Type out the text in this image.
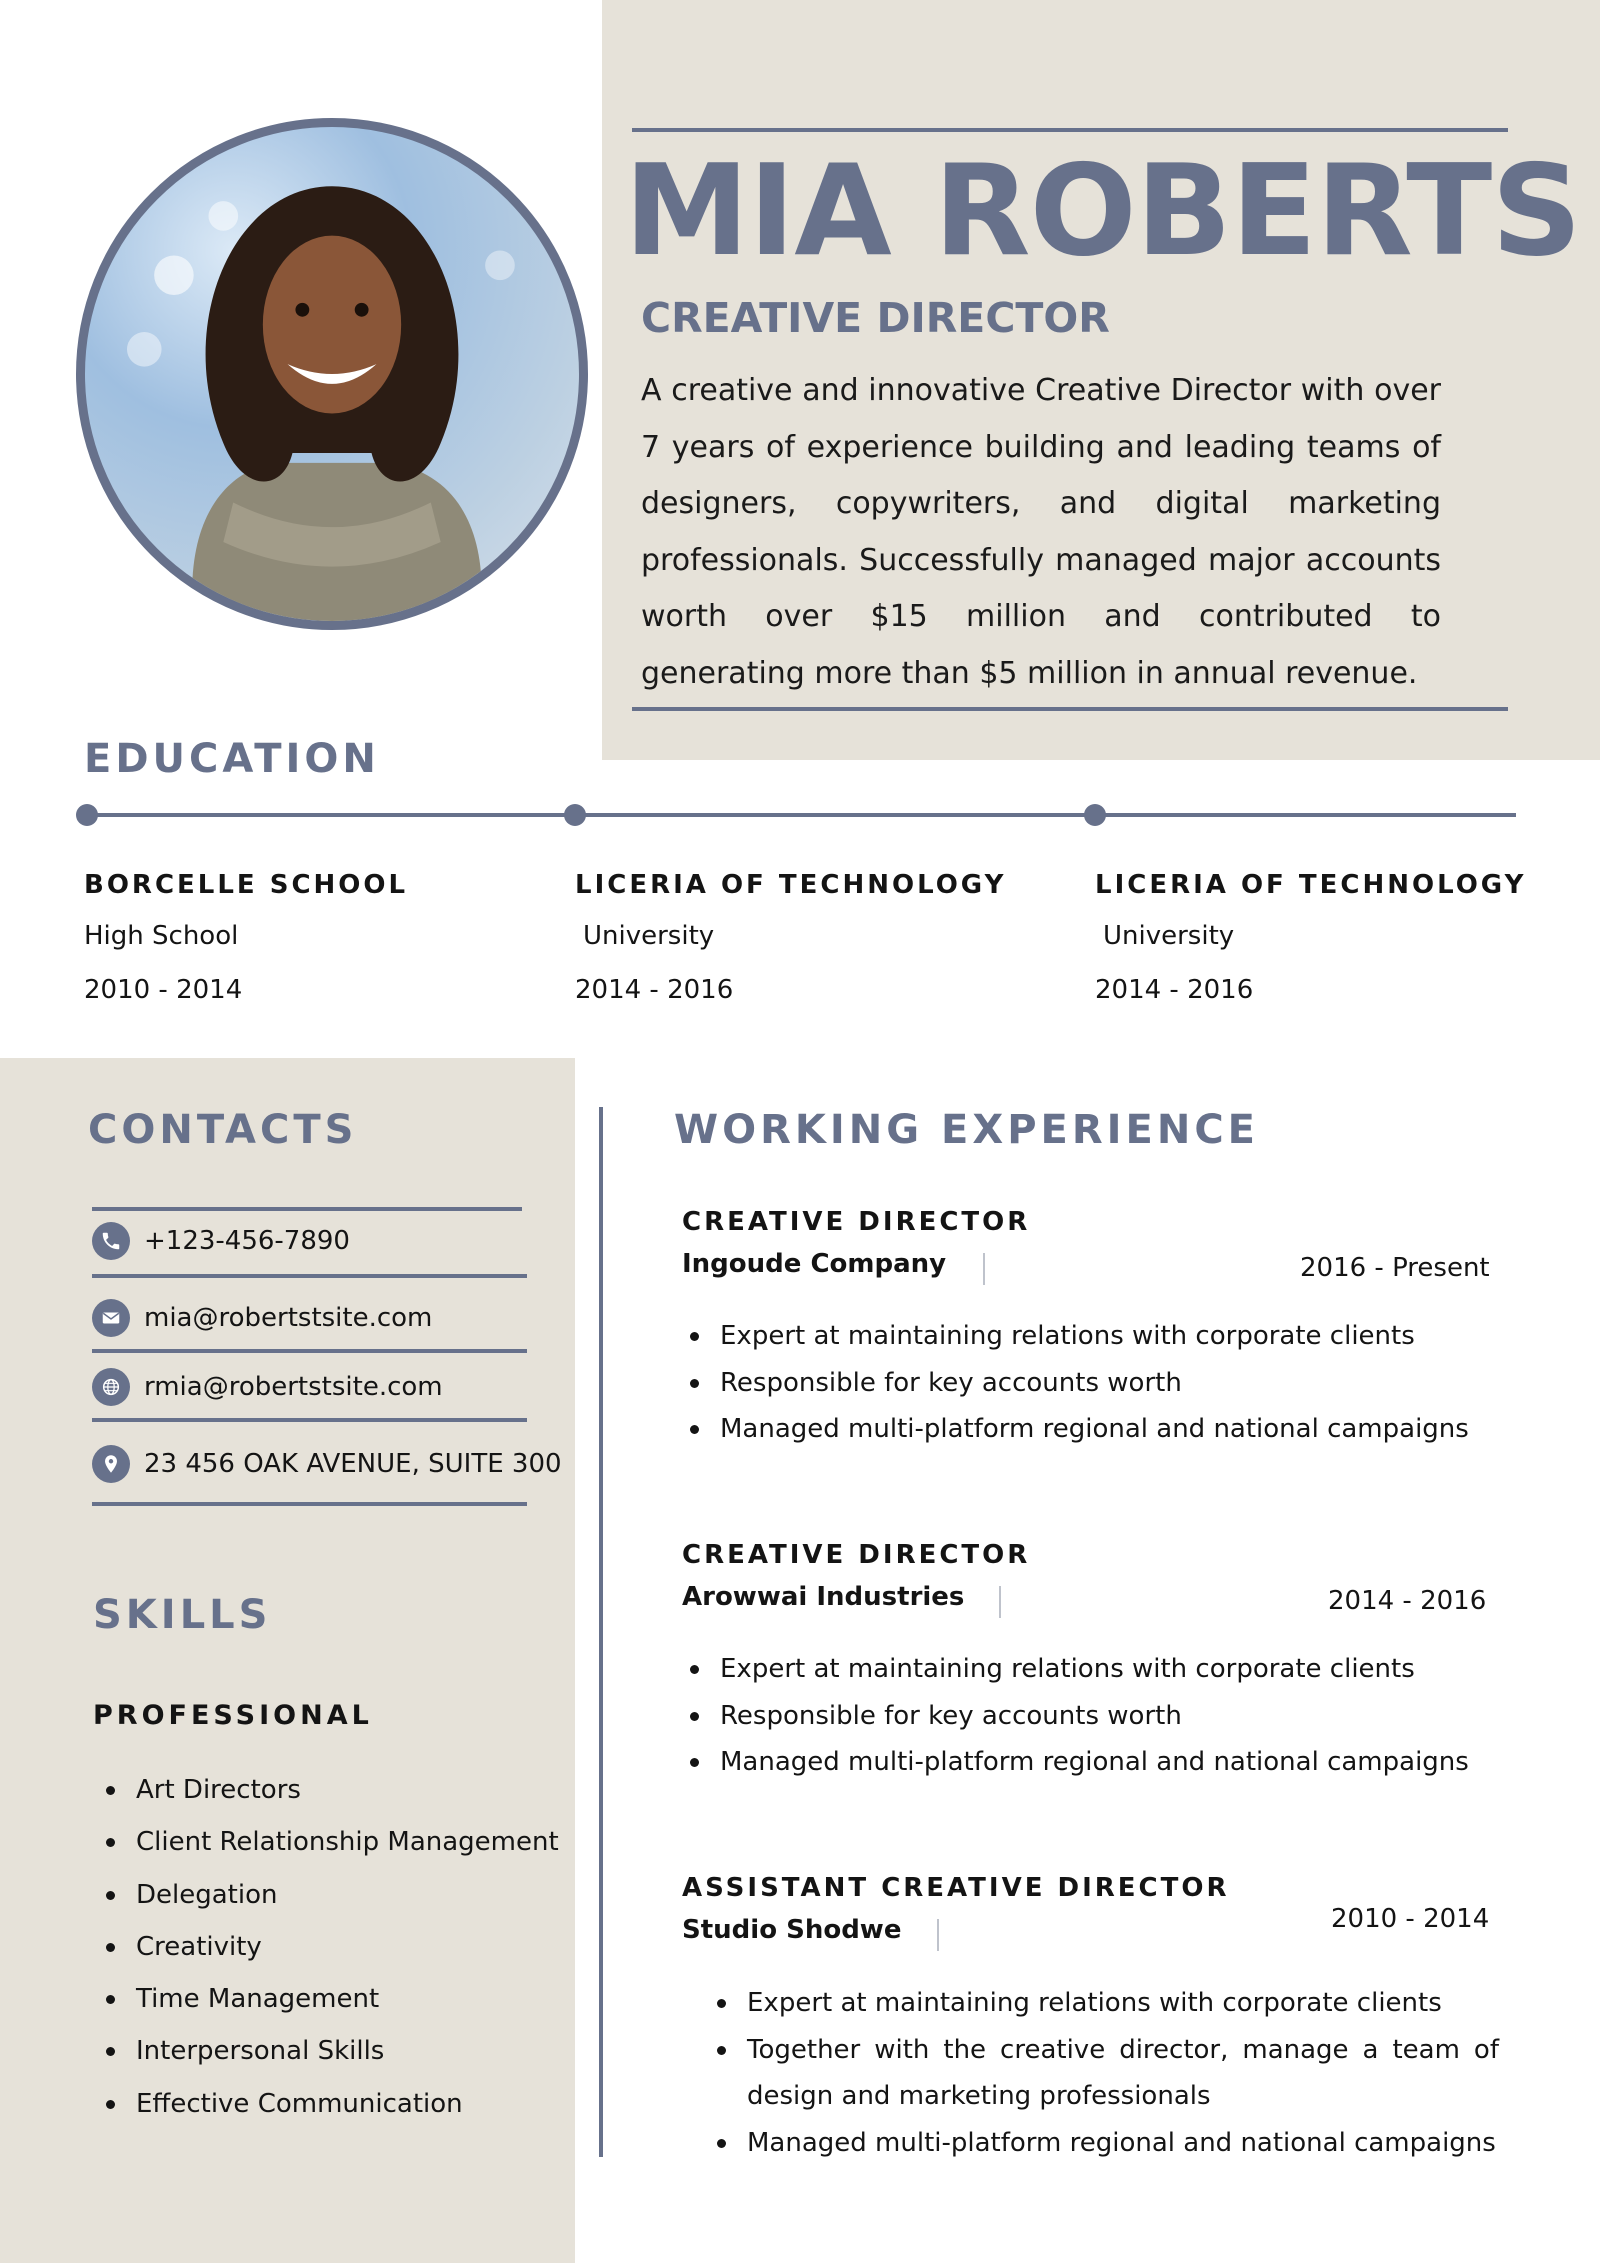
MIA ROBERTS
CREATIVE DIRECTOR
A creative and innovative Creative Director with over 7 years of experience building and leading teams of designers, copywriters, and digital marketing professionals. Successfully managed major accounts worth over $15 million and contributed to generating more than $5 million in annual revenue.
EDUCATION
BORCELLE SCHOOL
High School
2010 - 2014
LICERIA OF TECHNOLOGY
University
2014 - 2016
LICERIA OF TECHNOLOGY
University
2014 - 2016
CONTACTS
+123-456-7890
mia@robertstsite.com
rmia@robertstsite.com
23 456 OAK AVENUE, SUITE 300
SKILLS
PROFESSIONAL
Art Directors
Client Relationship Management
Delegation
Creativity
Time Management
Interpersonal Skills
Effective Communication
WORKING EXPERIENCE
CREATIVE DIRECTOR
Ingoude Company	2016 - Present
Expert at maintaining relations with corporate clients
Responsible for key accounts worth
Managed multi-platform regional and national campaigns
CREATIVE DIRECTOR
Arowwai Industries	2014 - 2016
Expert at maintaining relations with corporate clients
Responsible for key accounts worth
Managed multi-platform regional and national campaigns
ASSISTANT CREATIVE DIRECTOR
Studio Shodwe	2010 - 2014
Expert at maintaining relations with corporate clients
Together with the creative director, manage a team of design and marketing professionals
Managed multi-platform regional and national campaigns
